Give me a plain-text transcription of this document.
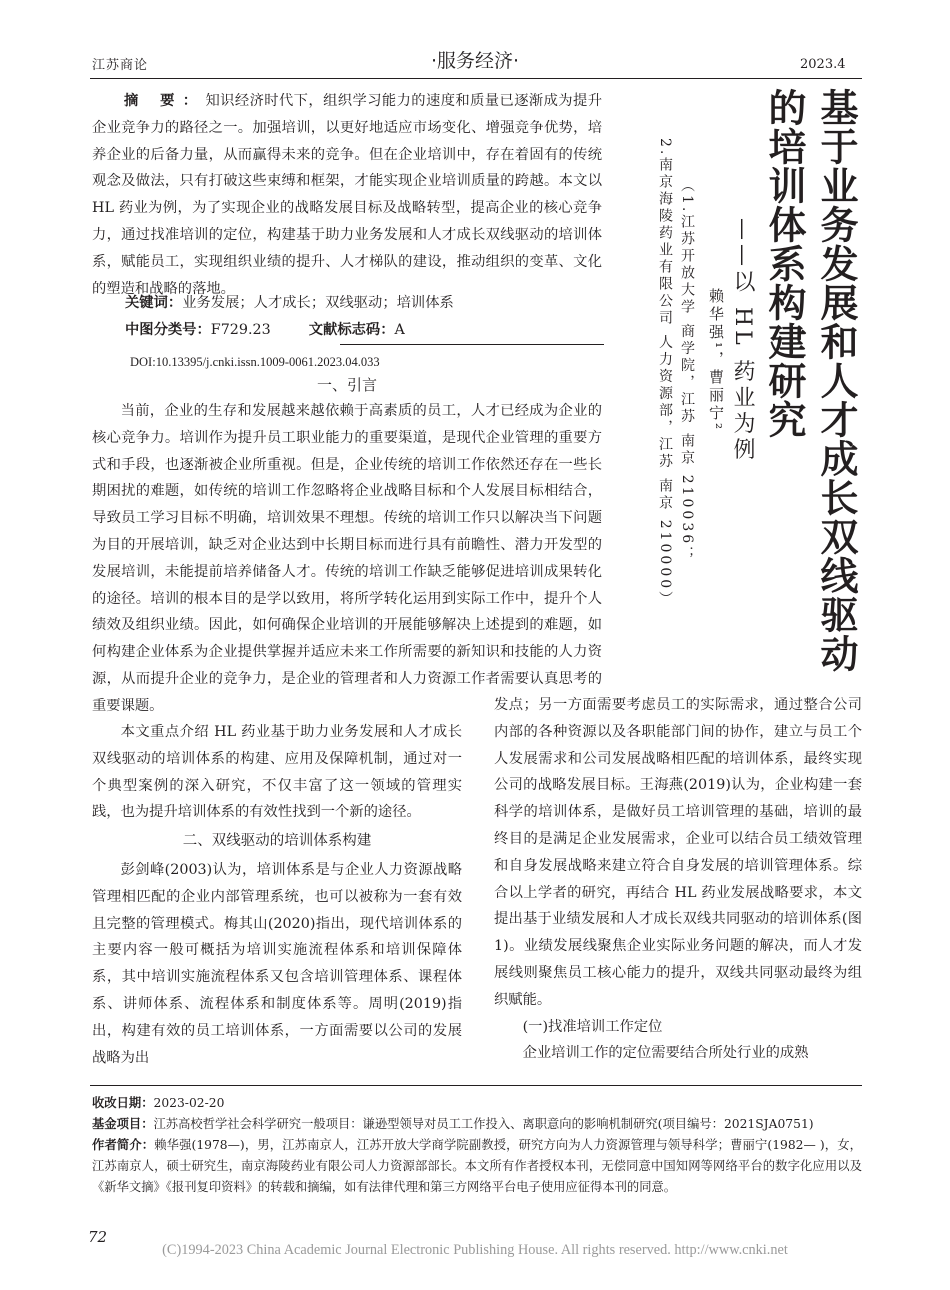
江苏商论	·服务经济·	2023.4
基于业务发展和人才成长双线驱动
的培训体系构建研究
——以 HL 药业为例
赖华强¹，曹丽宁²
（1.江苏开放大学 商学院，江苏 南京 210036；
2.南京海陵药业有限公司 人力资源部，江苏 南京 210000）
摘 要：知识经济时代下，组织学习能力的速度和质量已逐渐成为提升企业竞争力的路径之一。加强培训，以更好地适应市场变化、增强竞争优势，培养企业的后备力量，从而赢得未来的竞争。但在企业培训中，存在着固有的传统观念及做法，只有打破这些束缚和框架，才能实现企业培训质量的跨越。本文以 HL 药业为例，为了实现企业的战略发展目标及战略转型，提高企业的核心竞争力，通过找准培训的定位，构建基于助力业务发展和人才成长双线驱动的培训体系，赋能员工，实现组织业绩的提升、人才梯队的建设，推动组织的变革、文化的塑造和战略的落地。
关键词：业务发展；人才成长；双线驱动；培训体系
中图分类号：F729.23	文献标志码：A
DOI:10.13395/j.cnki.issn.1009-0061.2023.04.033
一、引言

当前，企业的生存和发展越来越依赖于高素质的员工，人才已经成为企业的核心竞争力。培训作为提升员工职业能力的重要渠道，是现代企业管理的重要方式和手段，也逐渐被企业所重视。但是，企业传统的培训工作依然还存在一些长期困扰的难题，如传统的培训工作忽略将企业战略目标和个人发展目标相结合，导致员工学习目标不明确，培训效果不理想。传统的培训工作只以解决当下问题为目的开展培训，缺乏对企业达到中长期目标而进行具有前瞻性、潜力开发型的发展培训，未能提前培养储备人才。传统的培训工作缺乏能够促进培训成果转化的途径。培训的根本目的是学以致用，将所学转化运用到实际工作中，提升个人绩效及组织业绩。因此，如何确保企业培训的开展能够解决上述提到的难题，如何构建企业体系为企业提供掌握并适应未来工作所需要的新知识和技能的人力资源，从而提升企业的竞争力，是企业的管理者和人力资源工作者需要认真思考的重要课题。

本文重点介绍 HL 药业基于助力业务发展和人才成长双线驱动的培训体系的构建、应用及保障机制，通过对一个典型案例的深入研究，不仅丰富了这一领域的管理实践，也为提升培训体系的有效性找到一个新的途径。

二、双线驱动的培训体系构建

彭剑峰(2003)认为，培训体系是与企业人力资源战略管理相匹配的企业内部管理系统，也可以被称为一套有效且完整的管理模式。梅其山(2020)指出，现代培训体系的主要内容一般可概括为培训实施流程体系和培训保障体系，其中培训实施流程体系又包含培训管理体系、课程体系、讲师体系、流程体系和制度体系等。周明(2019)指出，构建有效的员工培训体系，一方面需要以公司的发展战略为出

发点；另一方面需要考虑员工的实际需求，通过整合公司内部的各种资源以及各职能部门间的协作，建立与员工个人发展需求和公司发展战略相匹配的培训体系，最终实现公司的战略发展目标。王海燕(2019)认为，企业构建一套科学的培训体系，是做好员工培训管理的基础，培训的最终目的是满足企业发展需求，企业可以结合员工绩效管理和自身发展战略来建立符合自身发展的培训管理体系。综合以上学者的研究，再结合 HL 药业发展战略要求，本文提出基于业绩发展和人才成长双线共同驱动的培训体系(图 1)。业绩发展线聚焦企业实际业务问题的解决，而人才发展线则聚焦员工核心能力的提升，双线共同驱动最终为组织赋能。

(一)找准培训工作定位

企业培训工作的定位需要结合所处行业的成熟

收改日期：2023-02-20

基金项目：江苏高校哲学社会科学研究一般项目：谦逊型领导对员工工作投入、离职意向的影响机制研究(项目编号：2021SJA0751)

作者简介：赖华强(1978—)，男，江苏南京人，江苏开放大学商学院副教授，研究方向为人力资源管理与领导科学；曹丽宁(1982— )，女，江苏南京人，硕士研究生，南京海陵药业有限公司人力资源部部长。本文所有作者授权本刊，无偿同意中国知网等网络平台的数字化应用以及《新华文摘》《报刊复印资料》的转载和摘编，如有法律代理和第三方网络平台电子使用应征得本刊的同意。

72
(C)1994-2023 China Academic Journal Electronic Publishing House. All rights reserved. http://www.cnki.net
